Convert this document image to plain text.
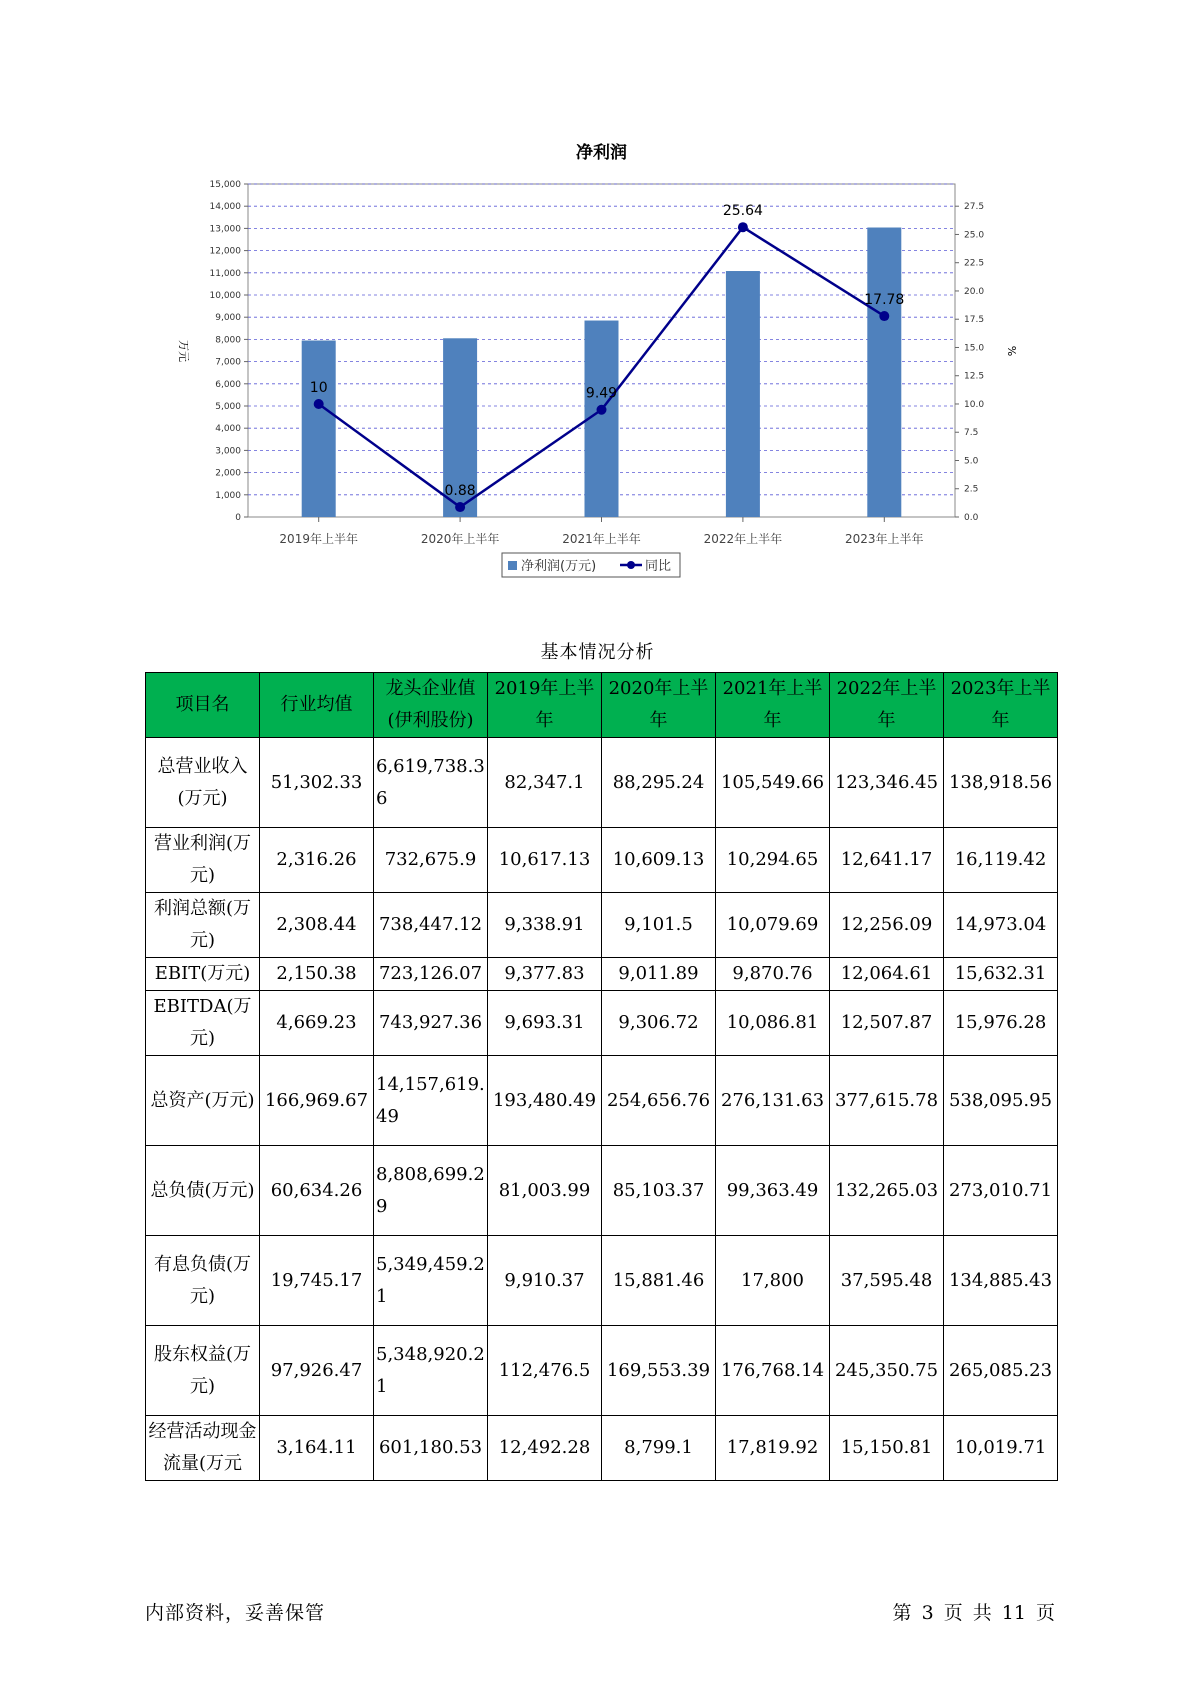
净利润
0
1,000
2,000
3,000
4,000
5,000
6,000
7,000
8,000
9,000
10,000
11,000
12,000
13,000
14,000
15,000
0.0
2.5
5.0
7.5
10.0
12.5
15.0
17.5
20.0
22.5
25.0
27.5
万元	%
2019年上半年	2020年上半年	2021年上半年	2022年上半年	2023年上半年
10
0.88
9.49
25.64
17.78
净利润(万元)	同比
基本情况分析
项目名	行业均值	龙头企业值(伊利股份)	2019年上半年	2020年上半年	2021年上半年	2022年上半年	2023年上半年
总营业收入(万元)	51,302.33	6,619,738.36	82,347.1	88,295.24	105,549.66	123,346.45	138,918.56
营业利润(万元)	2,316.26	732,675.9	10,617.13	10,609.13	10,294.65	12,641.17	16,119.42
利润总额(万元)	2,308.44	738,447.12	9,338.91	9,101.5	10,079.69	12,256.09	14,973.04
EBIT(万元)	2,150.38	723,126.07	9,377.83	9,011.89	9,870.76	12,064.61	15,632.31
EBITDA(万元)	4,669.23	743,927.36	9,693.31	9,306.72	10,086.81	12,507.87	15,976.28
总资产(万元)	166,969.67	14,157,619.49	193,480.49	254,656.76	276,131.63	377,615.78	538,095.95
总负债(万元)	60,634.26	8,808,699.29	81,003.99	85,103.37	99,363.49	132,265.03	273,010.71
有息负债(万元)	19,745.17	5,349,459.21	9,910.37	15,881.46	17,800	37,595.48	134,885.43
股东权益(万元)	97,926.47	5,348,920.21	112,476.5	169,553.39	176,768.14	245,350.75	265,085.23
经营活动现金流量(万元	3,164.11	601,180.53	12,492.28	8,799.1	17,819.92	15,150.81	10,019.71
内部资料，妥善保管	第 3 页 共 11 页
